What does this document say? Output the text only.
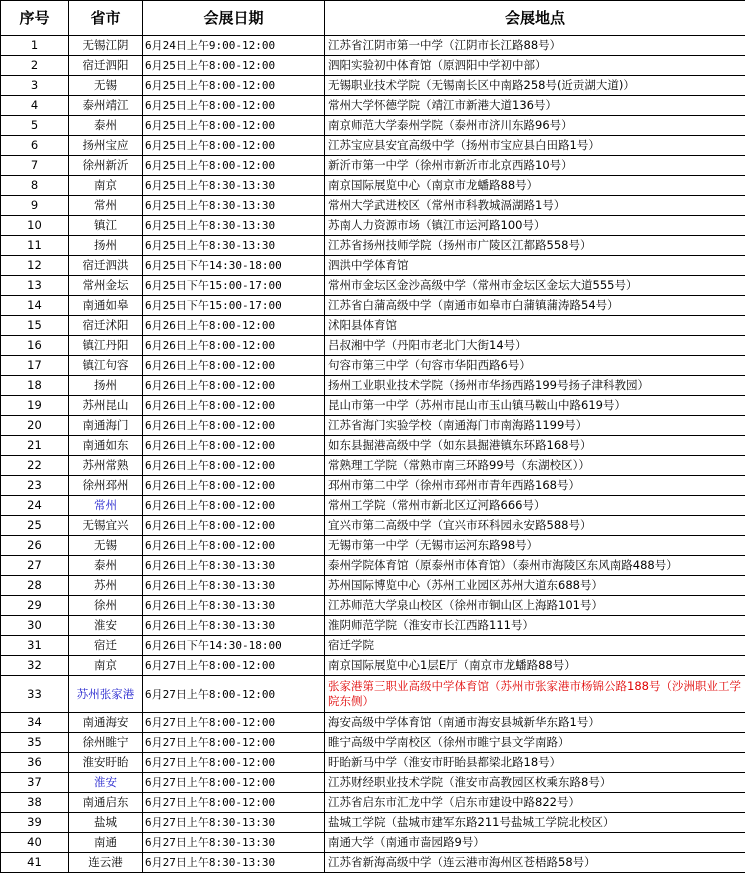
序号	省市	会展日期	会展地点
1	无锡江阴	6月24日上午9:00-12:00	江苏省江阴市第一中学（江阴市长江路88号）
2	宿迁泗阳	6月25日上午8:00-12:00	泗阳实验初中体育馆（原泗阳中学初中部）
3	无锡	6月25日上午8:00-12:00	无锡职业技术学院（无锡南长区中南路258号(近贡湖大道)）
4	泰州靖江	6月25日上午8:00-12:00	常州大学怀德学院（靖江市新港大道136号）
5	泰州	6月25日上午8:00-12:00	南京师范大学泰州学院（泰州市济川东路96号）
6	扬州宝应	6月25日上午8:00-12:00	江苏宝应县安宜高级中学（扬州市宝应县白田路1号）
7	徐州新沂	6月25日上午8:00-12:00	新沂市第一中学（徐州市新沂市北京西路10号）
8	南京	6月25日上午8:30-13:30	南京国际展览中心（南京市龙蟠路88号）
9	常州	6月25日上午8:30-13:30	常州大学武进校区（常州市科教城滆湖路1号）
10	镇江	6月25日上午8:30-13:30	苏南人力资源市场（镇江市运河路100号）
11	扬州	6月25日上午8:30-13:30	江苏省扬州技师学院（扬州市广陵区江都路558号）
12	宿迁泗洪	6月25日下午14:30-18:00	泗洪中学体育馆
13	常州金坛	6月25日下午15:00-17:00	常州市金坛区金沙高级中学（常州市金坛区金坛大道555号）
14	南通如皋	6月25日下午15:00-17:00	江苏省白蒲高级中学（南通市如皋市白蒲镇蒲涛路54号）
15	宿迁沭阳	6月26日上午8:00-12:00	沭阳县体育馆
16	镇江丹阳	6月26日上午8:00-12:00	吕叔湘中学（丹阳市老北门大街14号）
17	镇江句容	6月26日上午8:00-12:00	句容市第三中学（句容市华阳西路6号）
18	扬州	6月26日上午8:00-12:00	扬州工业职业技术学院（扬州市华扬西路199号扬子津科教园）
19	苏州昆山	6月26日上午8:00-12:00	昆山市第一中学（苏州市昆山市玉山镇马鞍山中路619号）
20	南通海门	6月26日上午8:00-12:00	江苏省海门实验学校（南通海门市南海路1199号）
21	南通如东	6月26日上午8:00-12:00	如东县掘港高级中学（如东县掘港镇东环路168号）
22	苏州常熟	6月26日上午8:00-12:00	常熟理工学院（常熟市南三环路99号（东湖校区））
23	徐州邳州	6月26日上午8:00-12:00	邳州市第二中学（徐州市邳州市青年西路168号）
24	常州	6月26日上午8:00-12:00	常州工学院（常州市新北区辽河路666号）
25	无锡宜兴	6月26日上午8:00-12:00	宜兴市第二高级中学（宜兴市环科园永安路588号）
26	无锡	6月26日上午8:00-12:00	无锡市第一中学（无锡市运河东路98号）
27	泰州	6月26日上午8:30-13:30	泰州学院体育馆（原泰州市体育馆）（泰州市海陵区东风南路488号）
28	苏州	6月26日上午8:30-13:30	苏州国际博览中心（苏州工业园区苏州大道东688号）
29	徐州	6月26日上午8:30-13:30	江苏师范大学泉山校区（徐州市铜山区上海路101号）
30	淮安	6月26日上午8:30-13:30	淮阴师范学院（淮安市长江西路111号）
31	宿迁	6月26日下午14:30-18:00	宿迁学院
32	南京	6月27日上午8:00-12:00	南京国际展览中心1层E厅（南京市龙蟠路88号）
33	苏州张家港	6月27日上午8:00-12:00	张家港第三职业高级中学体育馆（苏州市张家港市杨锦公路188号（沙洲职业工学院东侧）
34	南通海安	6月27日上午8:00-12:00	海安高级中学体育馆（南通市海安县城新华东路1号）
35	徐州睢宁	6月27日上午8:00-12:00	睢宁高级中学南校区（徐州市睢宁县文学南路）
36	淮安盱眙	6月27日上午8:00-12:00	盱眙新马中学（淮安市盱眙县都梁北路18号）
37	淮安	6月27日上午8:00-12:00	江苏财经职业技术学院（淮安市高教园区枚乘东路8号）
38	南通启东	6月27日上午8:00-12:00	江苏省启东市汇龙中学（启东市建设中路822号）
39	盐城	6月27日上午8:30-13:30	盐城工学院（盐城市建军东路211号盐城工学院北校区）
40	南通	6月27日上午8:30-13:30	南通大学（南通市啬园路9号）
41	连云港	6月27日上午8:30-13:30	江苏省新海高级中学（连云港市海州区苍梧路58号）
